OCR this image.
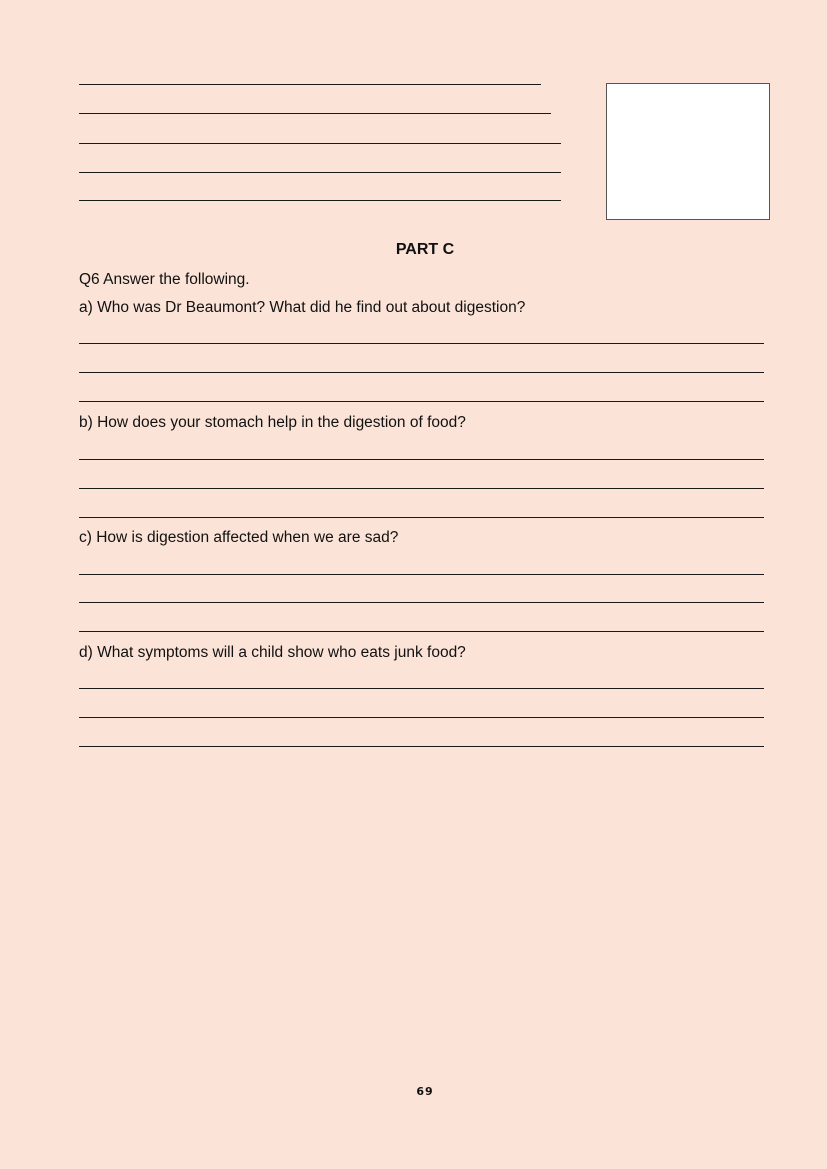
PART C
Q6 Answer the following.
a) Who was Dr Beaumont? What did he find out about digestion?
b) How does your stomach help in the digestion of food?
c) How is digestion affected when we are sad?
d) What symptoms will a child show who eats junk food?
69
